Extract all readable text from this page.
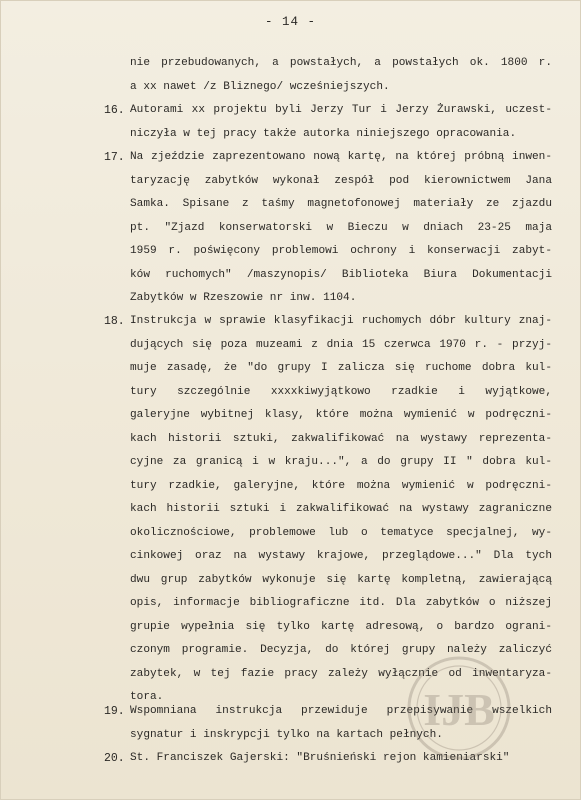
- 14 -
nie przebudowanych, a powstałych, a powstałych ok. 1800 r.
a xx nawet /z Bliznego/ wcześniejszych.
16. Autorami xx projektu byli Jerzy Tur i Jerzy Żurawski, uczest-
niczyła w tej pracy także autorka niniejszego opracowania.
17. Na zjeździe zaprezentowano nową kartę, na której próbną inwen-
taryzację zabytków wykonał zespół pod kierownictwem Jana
Samka. Spisane z taśmy magnetofonowej materiały ze zjazdu
pt. "Zjazd konserwatorski w Bieczu w dniach 23-25 maja
1959 r. poświęcony problemowi ochrony i konserwacji zabyt-
ków ruchomych" /maszynopis/ Biblioteka Biura Dokumentacji
Zabytków w Rzeszowie nr inw. 1104.
18. Instrukcja w sprawie klasyfikacji ruchomych dóbr kultury znaj-
dujących się poza muzeami z dnia 15 czerwca 1970 r. - przyj-
muje zasadę, że "do grupy I zalicza się ruchome dobra kul-
tury szczególnie xxxxkiwyjątkowo rzadkie i wyjątkowe,
galeryjne wybitnej klasy, które można wymienić w podręczni-
kach historii sztuki, zakwalifikować na wystawy reprezenta-
cyjne za granicą i w kraju...", a do grupy II " dobra kul-
tury rzadkie, galeryjne, które można wymienić w podręczni-
kach historii sztuki i zakwalifikować na wystawy zagraniczne
okolicznościowe, problemowe lub o tematyce specjalnej, wy-
cinkowej oraz na wystawy krajowe, przeglądowe..." Dla tych
dwu grup zabytków wykonuje się kartę kompletną, zawierającą
opis, informacje bibliograficzne itd. Dla zabytków o niższej
grupie wypełnia się tylko kartę adresową, o bardzo ograni-
czonym programie. Decyzja, do której grupy należy zaliczyć
zabytek, w tej fazie pracy zależy wyłącznie od inwentaryza-
tora.
19. Wspomniana instrukcja przewiduje przepisywanie wszelkich
sygnatur i inskrypcji tylko na kartach pełnych.
20. St. Franciszek Gajerski: "Bruśnieński rejon kamieniarski"
IJB
